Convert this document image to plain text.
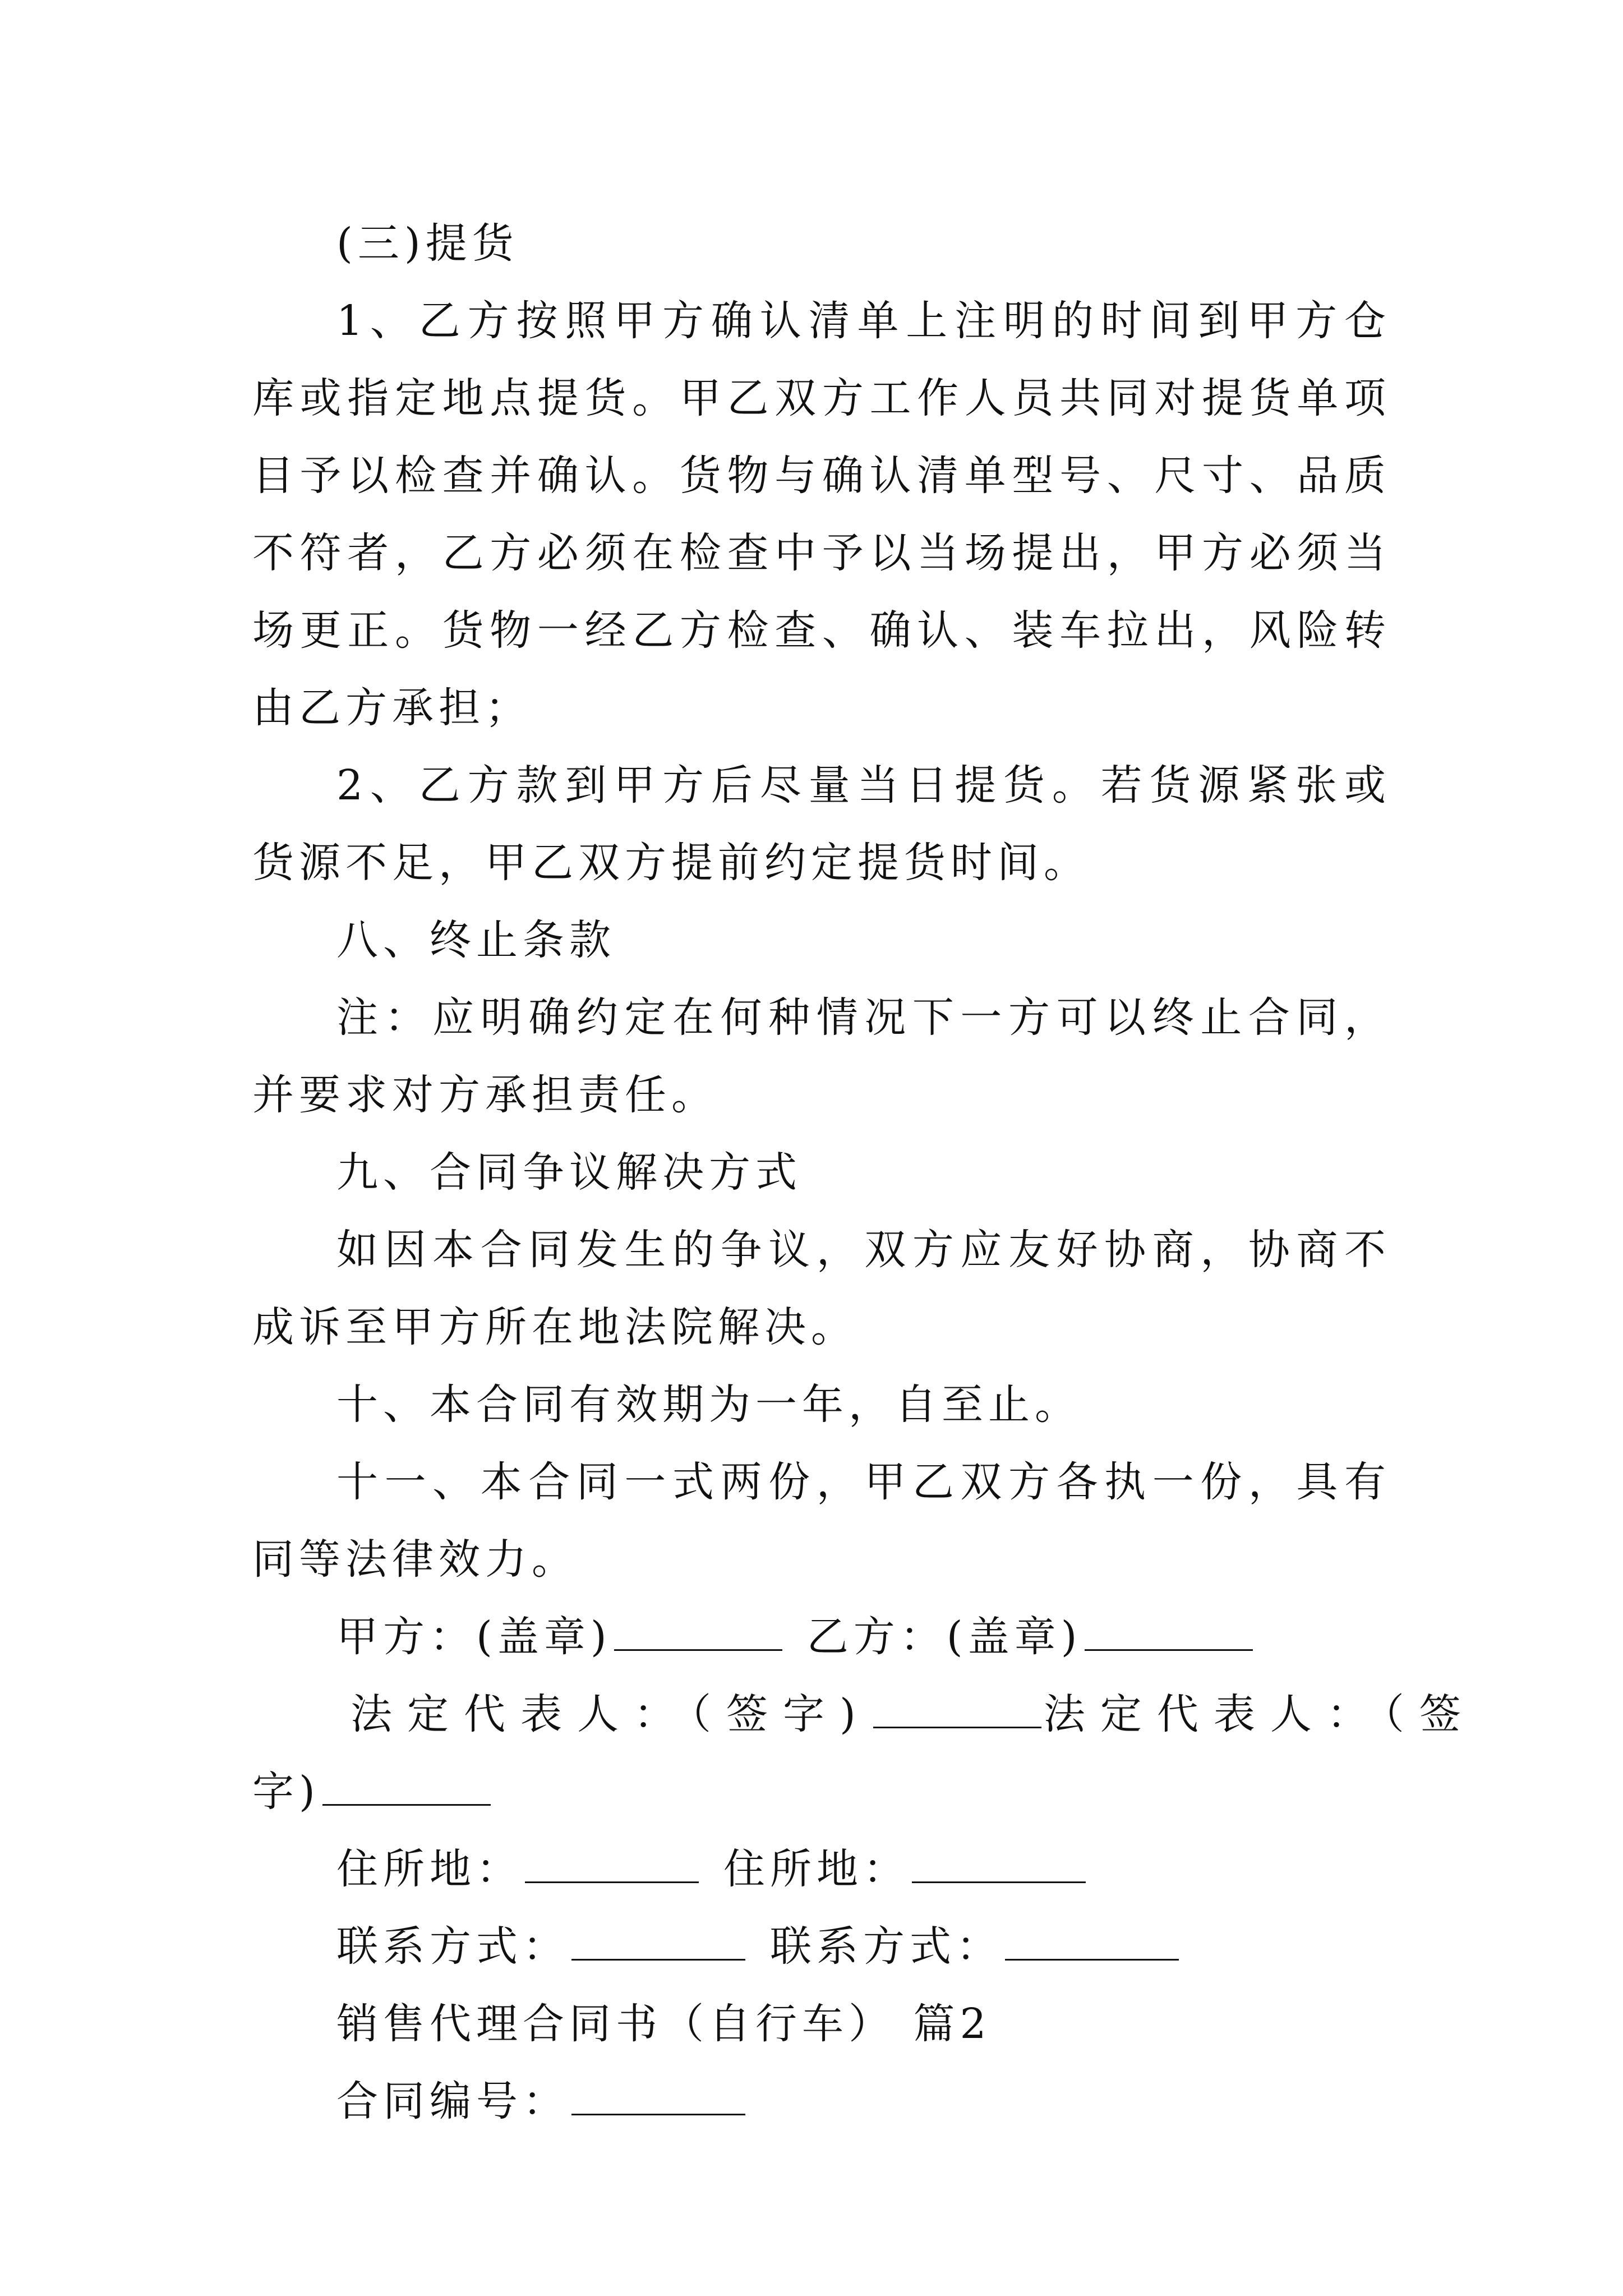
(三)提货

1、乙方按照甲方确认清单上注明的时间到甲方仓库或指定地点提货。甲乙双方工作人员共同对提货单项目予以检查并确认。货物与确认清单型号、尺寸、品质不符者，乙方必须在检查中予以当场提出，甲方必须当场更正。货物一经乙方检查、确认、装车拉出，风险转由乙方承担；

2、乙方款到甲方后尽量当日提货。若货源紧张或货源不足，甲乙双方提前约定提货时间。

八、终止条款

注：应明确约定在何种情况下一方可以终止合同，并要求对方承担责任。

九、合同争议解决方式

如因本合同发生的争议，双方应友好协商，协商不成诉至甲方所在地法院解决。

十、本合同有效期为一年，自至止。

十一、本合同一式两份，甲乙双方各执一份，具有同等法律效力。

甲方：(盖章)	乙方：(盖章)

法定代表人：（签字)	法定代表人：（签

字)

住所地：	住所地：

联系方式：	联系方式：

销售代理合同书（自行车） 篇2

合同编号：
